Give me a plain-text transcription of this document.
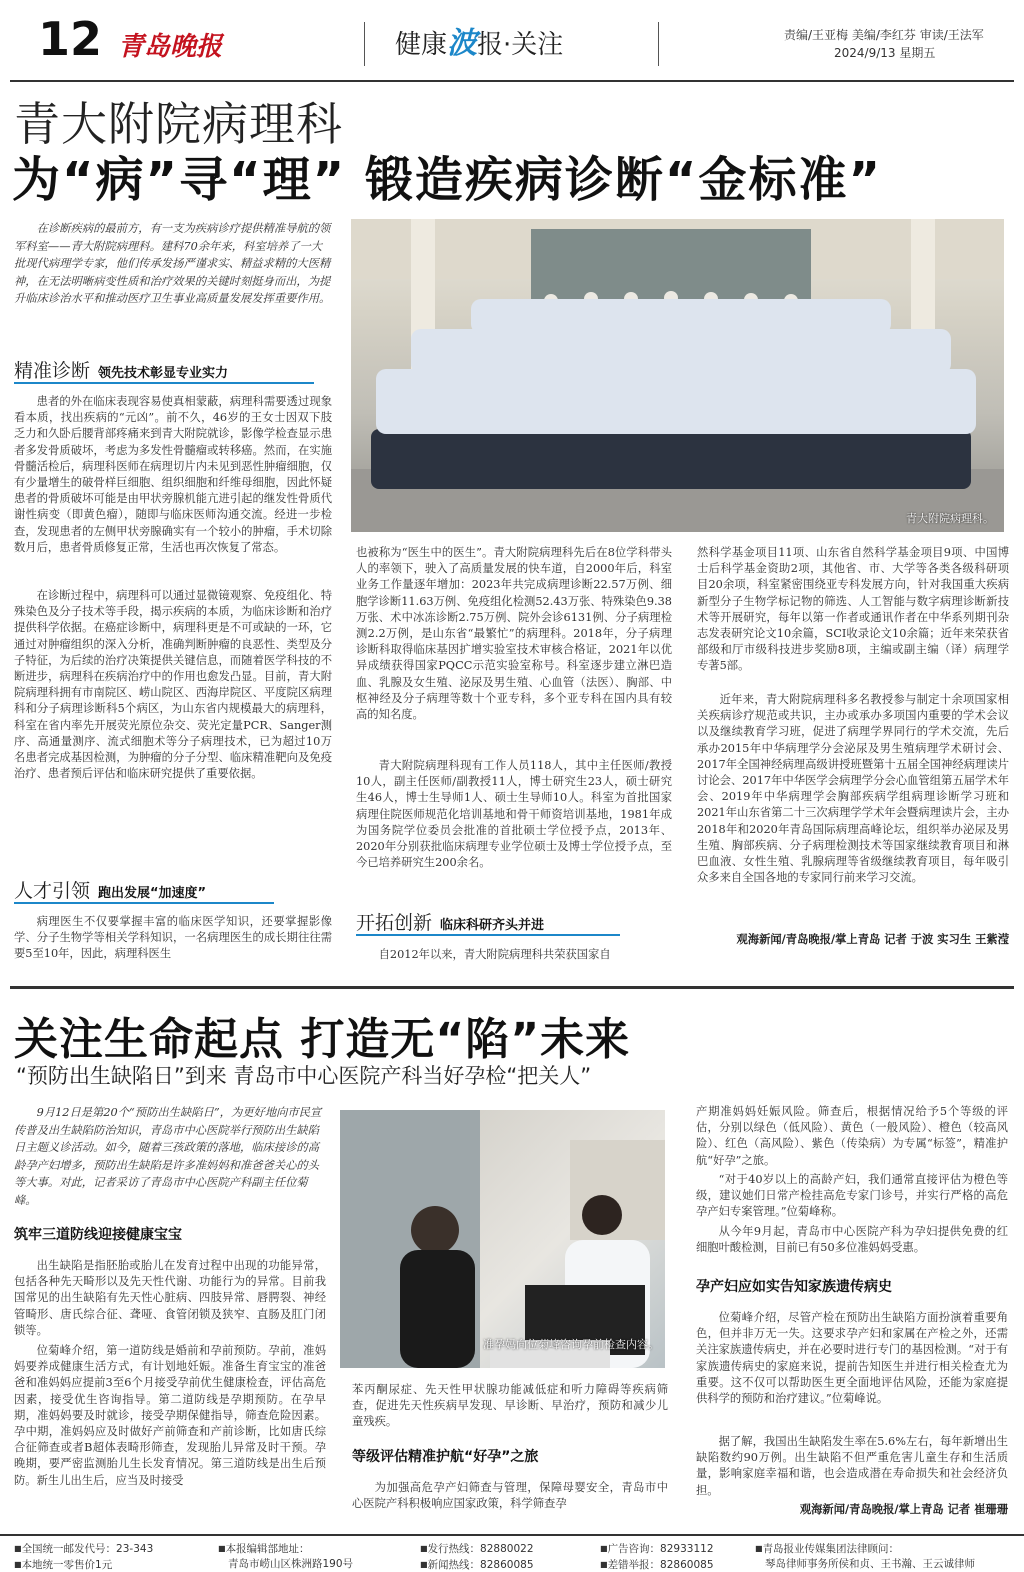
12 青岛晚报	健康波报·关注	责编/王亚梅 美编/李红芬 审读/王法军
2024/9/13 星期五
青大附院病理科
为“病”寻“理” 锻造疾病诊断“金标准”
在诊断疾病的最前方，有一支为疾病诊疗提供精准导航的领军科室——青大附院病理科。建科70余年来，科室培养了一大批现代病理学专家，他们传承发扬严谨求实、精益求精的大医精神，在无法明晰病变性质和治疗效果的关键时刻挺身而出，为提升临床诊治水平和推动医疗卫生事业高质量发展发挥重要作用。
青大附院病理科。
精准诊断 领先技术彰显专业实力
患者的外在临床表现容易使真相蒙蔽，病理科需要透过现象看本质，找出疾病的“元凶”。前不久，46岁的王女士因双下肢乏力和久卧后腰背部疼痛来到青大附院就诊，影像学检查显示患者多发骨质破坏，考虑为多发性骨髓瘤或转移癌。然而，在实施骨髓活检后，病理科医师在病理切片内未见到恶性肿瘤细胞，仅有少量增生的破骨样巨细胞、组织细胞和纤维母细胞，因此怀疑患者的骨质破坏可能是由甲状旁腺机能亢进引起的继发性骨质代谢性病变（即黄色瘤），随即与临床医师沟通交流。经进一步检查，发现患者的左侧甲状旁腺确实有一个较小的肿瘤，手术切除数月后，患者骨质修复正常，生活也再次恢复了常态。
在诊断过程中，病理科可以通过显微镜观察、免疫组化、特殊染色及分子技术等手段，揭示疾病的本质，为临床诊断和治疗提供科学依据。在癌症诊断中，病理科更是不可或缺的一环，它通过对肿瘤组织的深入分析，准确判断肿瘤的良恶性、类型及分子特征，为后续的治疗决策提供关键信息，而随着医学科技的不断进步，病理科在疾病治疗中的作用也愈发凸显。目前，青大附院病理科拥有市南院区、崂山院区、西海岸院区、平度院区病理科和分子病理诊断科5个病区，为山东省内规模最大的病理科，科室在省内率先开展荧光原位杂交、荧光定量PCR、Sanger测序、高通量测序、流式细胞术等分子病理技术，已为超过10万名患者完成基因检测，为肿瘤的分子分型、临床精准靶向及免疫治疗、患者预后评估和临床研究提供了重要依据。
人才引领 跑出发展“加速度”
病理医生不仅要掌握丰富的临床医学知识，还要掌握影像学、分子生物学等相关学科知识，一名病理医生的成长期往往需要5至10年，因此，病理科医生
也被称为“医生中的医生”。青大附院病理科先后在8位学科带头人的率领下，驶入了高质量发展的快车道，自2000年后，科室业务工作量逐年增加：2023年共完成病理诊断22.57万例、细胞学诊断11.63万例、免疫组化检测52.43万张、特殊染色9.38万张、术中冰冻诊断2.75万例、院外会诊6131例、分子病理检测2.2万例，是山东省“最繁忙”的病理科。2018年，分子病理诊断科取得临床基因扩增实验室技术审核合格证，2021年以优异成绩获得国家PQCC示范实验室称号。科室逐步建立淋巴造血、乳腺及女生殖、泌尿及男生殖、心血管（法医）、胸部、中枢神经及分子病理等数十个亚专科，多个亚专科在国内具有较高的知名度。
青大附院病理科现有工作人员118人，其中主任医师/教授10人，副主任医师/副教授11人，博士研究生23人，硕士研究生46人，博士生导师1人、硕士生导师10人。科室为首批国家病理住院医师规范化培训基地和骨干师资培训基地，1981年成为国务院学位委员会批准的首批硕士学位授予点，2013年、2020年分别获批临床病理专业学位硕士及博士学位授予点，至今已培养研究生200余名。
开拓创新 临床科研齐头并进
自2012年以来，青大附院病理科共荣获国家自
然科学基金项目11项、山东省自然科学基金项目9项、中国博士后科学基金资助2项，其他省、市、大学等各类各级科研项目20余项，科室紧密围绕亚专科发展方向，针对我国重大疾病新型分子生物学标记物的筛选、人工智能与数字病理诊断新技术等开展研究，每年以第一作者或通讯作者在中华系列期刊杂志发表研究论文10余篇，SCI收录论文10余篇；近年来荣获省部级和厅市级科技进步奖励8项，主编或副主编（译）病理学专著5部。
近年来，青大附院病理科多名教授参与制定十余项国家相关疾病诊疗规范或共识，主办或承办多项国内重要的学术会议以及继续教育学习班，促进了病理学界同行的学术交流，先后承办2015年中华病理学分会泌尿及男生殖病理学术研讨会、2017年全国神经病理高级讲授班暨第十五届全国神经病理读片讨论会、2017年中华医学会病理学分会心血管组第五届学术年会、2019年中华病理学会胸部疾病学组病理诊断学习班和2021年山东省第二十三次病理学学术年会暨病理读片会，主办2018年和2020年青岛国际病理高峰论坛，组织举办泌尿及男生殖、胸部疾病、分子病理检测技术等国家继续教育项目和淋巴血液、女性生殖、乳腺病理等省级继续教育项目，每年吸引众多来自全国各地的专家同行前来学习交流。
观海新闻/青岛晚报/掌上青岛 记者 于波 实习生 王紫滢
关注生命起点 打造无“陷”未来
“预防出生缺陷日”到来 青岛市中心医院产科当好孕检“把关人”
9月12日是第20个“预防出生缺陷日”，为更好地向市民宣传普及出生缺陷防治知识，青岛市中心医院举行预防出生缺陷日主题义诊活动。如今，随着三孩政策的落地，临床接诊的高龄孕产妇增多，预防出生缺陷是许多准妈妈和准爸爸关心的头等大事。对此，记者采访了青岛市中心医院产科副主任位菊峰。
筑牢三道防线迎接健康宝宝
出生缺陷是指胚胎或胎儿在发育过程中出现的功能异常，包括各种先天畸形以及先天性代谢、功能行为的异常。目前我国常见的出生缺陷有先天性心脏病、四肢异常、唇腭裂、神经管畸形、唐氏综合征、聋哑、食管闭锁及狭窄、直肠及肛门闭锁等。
位菊峰介绍，第一道防线是婚前和孕前预防。孕前，准妈妈要养成健康生活方式，有计划地妊娠。准备生育宝宝的准爸爸和准妈妈应提前3至6个月接受孕前优生健康检查，评估高危因素，接受优生咨询指导。第二道防线是孕期预防。在孕早期，准妈妈要及时就诊，接受孕期保健指导，筛查危险因素。孕中期，准妈妈应及时做好产前筛查和产前诊断，比如唐氏综合征筛查或者B超体表畸形筛查，发现胎儿异常及时干预。孕晚期，要严密监测胎儿生长发育情况。第三道防线是出生后预防。新生儿出生后，应当及时接受
准孕妈向位菊峰咨询孕前检查内容。
苯丙酮尿症、先天性甲状腺功能减低症和听力障碍等疾病筛查，促进先天性疾病早发现、早诊断、早治疗，预防和减少儿童残疾。
等级评估精准护航“好孕”之旅
为加强高危孕产妇筛查与管理，保障母婴安全，青岛市中心医院产科积极响应国家政策，科学筛查孕
产期准妈妈妊娠风险。筛查后，根据情况给予5个等级的评估，分别以绿色（低风险）、黄色（一般风险）、橙色（较高风险）、红色（高风险）、紫色（传染病）为专属“标签”，精准护航“好孕”之旅。
“对于40岁以上的高龄产妇，我们通常直接评估为橙色等级，建议她们日常产检挂高危专家门诊号，并实行严格的高危孕产妇专案管理。”位菊峰称。
从今年9月起，青岛市中心医院产科为孕妇提供免费的红细胞叶酸检测，目前已有50多位准妈妈受惠。
孕产妇应如实告知家族遗传病史
位菊峰介绍，尽管产检在预防出生缺陷方面扮演着重要角色，但并非万无一失。这要求孕产妇和家属在产检之外，还需关注家族遗传病史，并在必要时进行专门的基因检测。“对于有家族遗传病史的家庭来说，提前告知医生并进行相关检查尤为重要。这不仅可以帮助医生更全面地评估风险，还能为家庭提供科学的预防和治疗建议。”位菊峰说。
据了解，我国出生缺陷发生率在5.6%左右，每年新增出生缺陷数约90万例。出生缺陷不但严重危害儿童生存和生活质量，影响家庭幸福和谐，也会造成潜在寿命损失和社会经济负担。
观海新闻/青岛晚报/掌上青岛 记者 崔珊珊
■全国统一邮发代号：23-343
■本地统一零售价1元
■本报编辑部地址：
青岛市崂山区株洲路190号
■发行热线：82880022
■新闻热线：82860085
■广告咨询：82933112
■差错举报：82860085
■青岛报业传媒集团法律顾问：
琴岛律师事务所侯和贞、王书瀚、王云诚律师
